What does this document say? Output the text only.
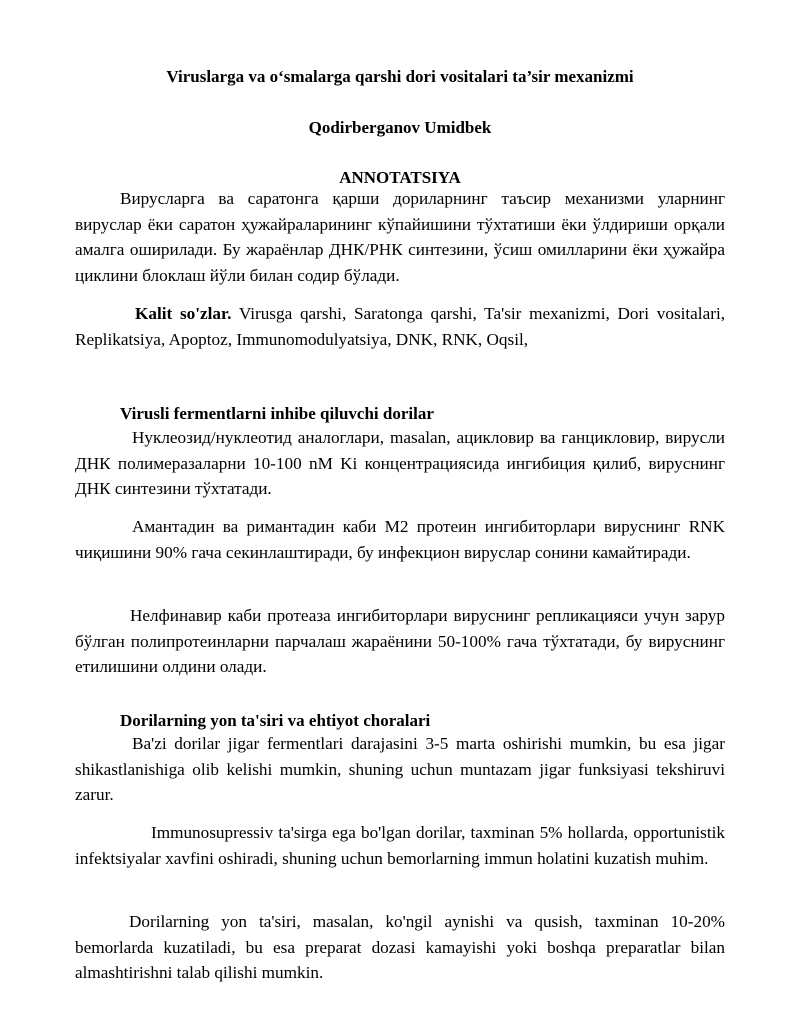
Viruslarga va o‘smalarga qarshi dori vositalari ta’sir mexanizmi
Qodirberganov Umidbek
ANNOTATSIYA

Вирусларга ва саратонга қарши дориларнинг таъсир механизми уларнинг вируслар ёки саратон ҳужайраларининг кўпайишини тўхтатиши ёки ўлдириши орқали амалга оширилади. Бу жараёнлар ДНК/РНК синтезини, ўсиш омилларини ёки ҳужайра циклини блоклаш йўли билан содир бўлади.

Kalit so'zlar. Virusga qarshi, Saratonga qarshi, Ta'sir mexanizmi, Dori vositalari, Replikatsiya, Apoptoz, Immunomodulyatsiya, DNK, RNK, Oqsil,

Virusli fermentlarni inhibe qiluvchi dorilar

Нуклеозид/нуклеотид аналоглари, masalan, ацикловир ва ганцикловир, вирусли ДНК полимеразаларни 10-100 nM Ki концентрациясида ингибиция қилиб, вируснинг ДНК синтезини тўхтатади.

Амантадин ва римантадин каби M2 протеин ингибиторлари вируснинг RNK чиқишини 90% гача секинлаштиради, бу инфекцион вируслар сонини камайтиради.

Нелфинавир каби протеаза ингибиторлари вируснинг репликацияси учун зарур бўлган полипротеинларни парчалаш жараёнини 50-100% гача тўхтатади, бу вируснинг етилишини олдини олади.

Dorilarning yon ta'siri va ehtiyot choralari

Ba'zi dorilar jigar fermentlari darajasini 3-5 marta oshirishi mumkin, bu esa jigar shikastlanishiga olib kelishi mumkin, shuning uchun muntazam jigar funksiyasi tekshiruvi zarur.

Immunosupressiv ta'sirga ega bo'lgan dorilar, taxminan 5% hollarda, opportunistik infektsiyalar xavfini oshiradi, shuning uchun bemorlarning immun holatini kuzatish muhim.

Dorilarning yon ta'siri, masalan, ko'ngil aynishi va qusish, taxminan 10-20% bemorlarda kuzatiladi, bu esa preparat dozasi kamayishi yoki boshqa preparatlar bilan almashtirishni talab qilishi mumkin.
